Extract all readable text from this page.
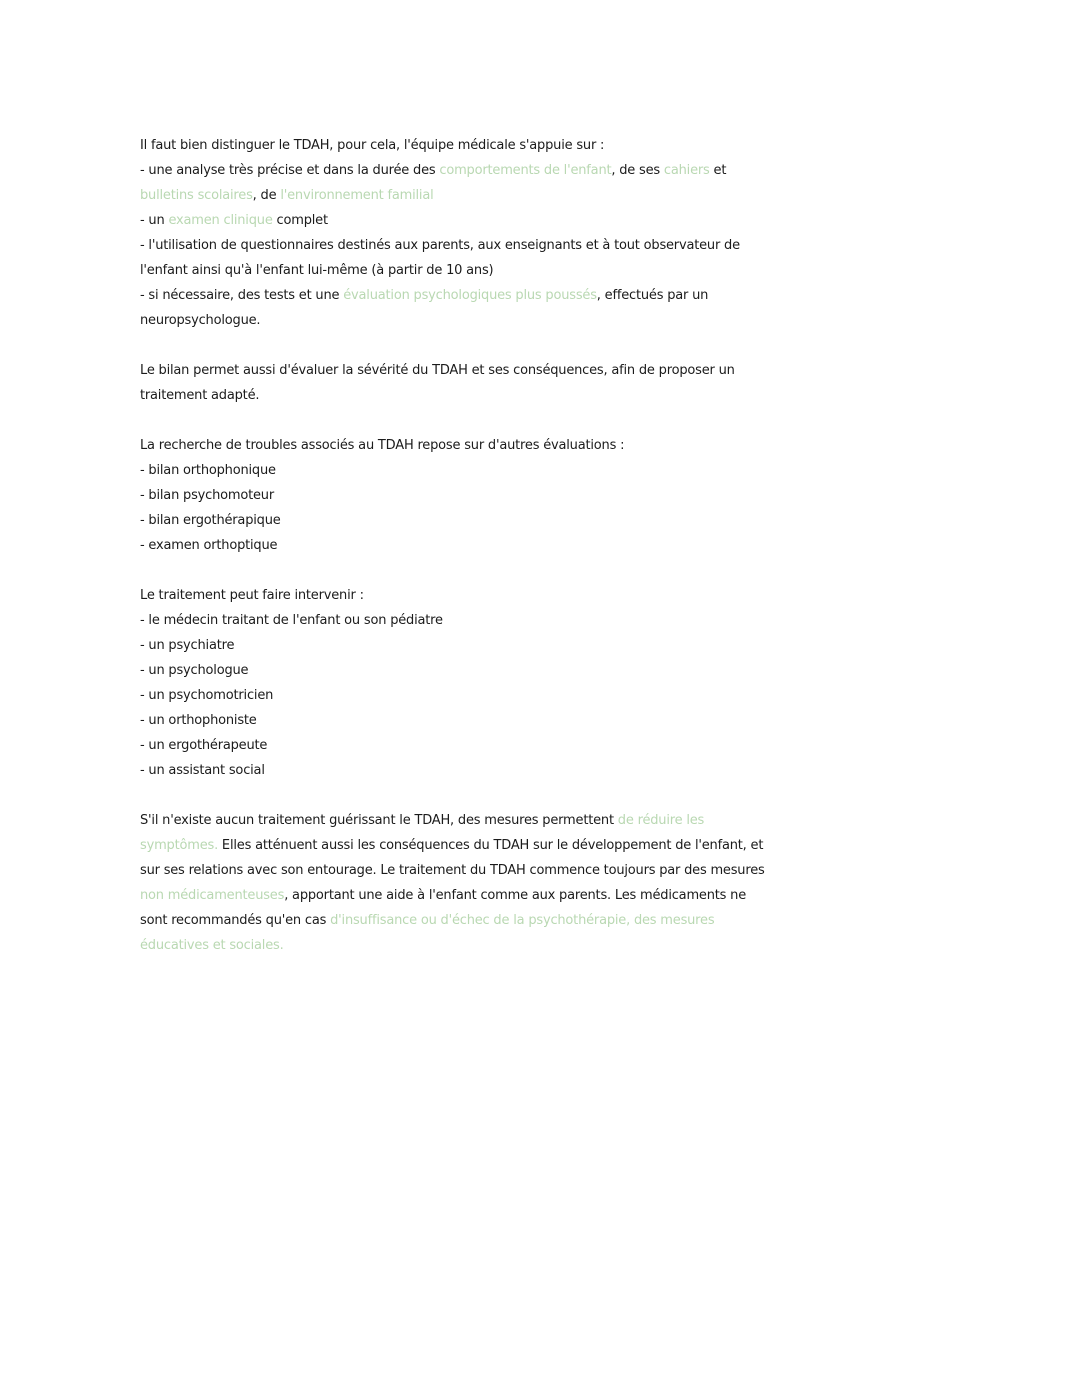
Il faut bien distinguer le TDAH, pour cela, l'équipe médicale s'appuie sur :
- une analyse très précise et dans la durée des comportements de l'enfant, de ses cahiers et
bulletins scolaires, de l'environnement familial
- un examen clinique complet
- l'utilisation de questionnaires destinés aux parents, aux enseignants et à tout observateur de
l'enfant ainsi qu'à l'enfant lui-même (à partir de 10 ans)
- si nécessaire, des tests et une évaluation psychologiques plus poussés, effectués par un
neuropsychologue.
Le bilan permet aussi d'évaluer la sévérité du TDAH et ses conséquences, afin de proposer un
traitement adapté.
La recherche de troubles associés au TDAH repose sur d'autres évaluations :
- bilan orthophonique
- bilan psychomoteur
- bilan ergothérapique
- examen orthoptique
Le traitement peut faire intervenir :
- le médecin traitant de l'enfant ou son pédiatre
- un psychiatre
- un psychologue
- un psychomotricien
- un orthophoniste
- un ergothérapeute
- un assistant social
S'il n'existe aucun traitement guérissant le TDAH, des mesures permettent de réduire les
symptômes. Elles atténuent aussi les conséquences du TDAH sur le développement de l'enfant, et
sur ses relations avec son entourage. Le traitement du TDAH commence toujours par des mesures
non médicamenteuses, apportant une aide à l'enfant comme aux parents. Les médicaments ne
sont recommandés qu'en cas d'insuffisance ou d'échec de la psychothérapie, des mesures
éducatives et sociales.
